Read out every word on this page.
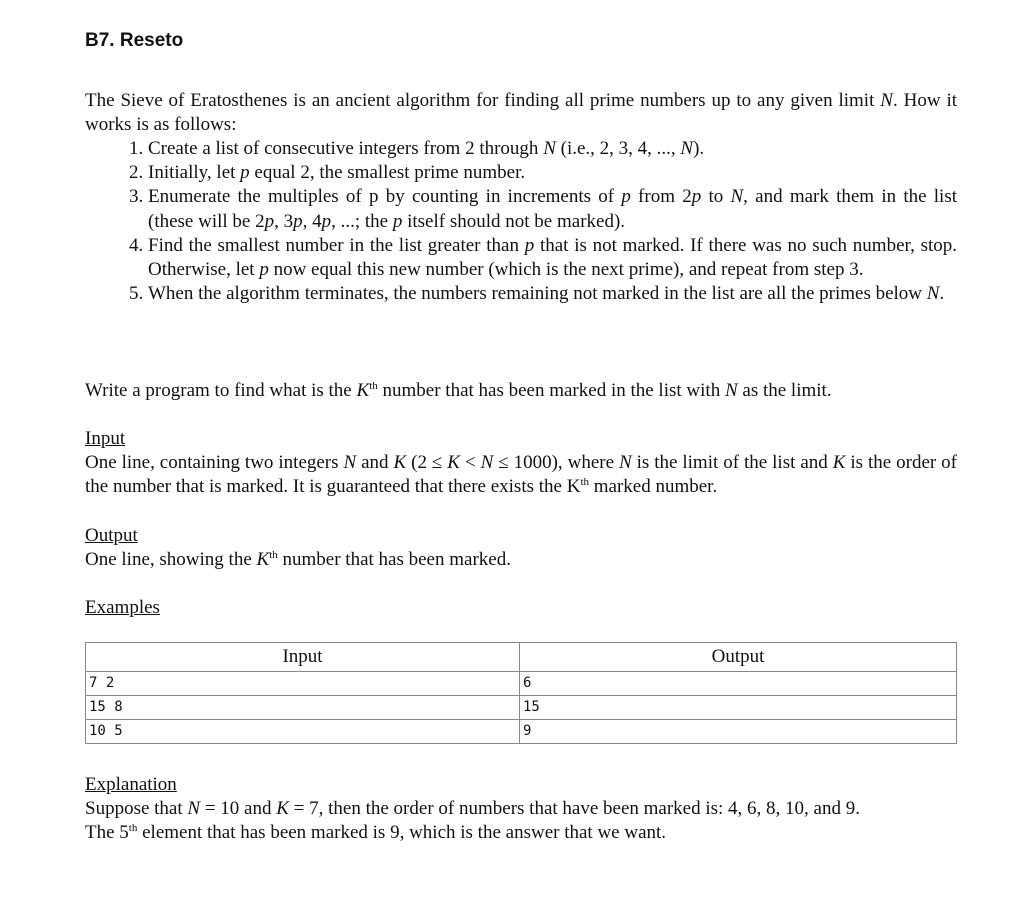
B7. Reseto

The Sieve of Eratosthenes is an ancient algorithm for finding all prime numbers up to any given limit N. How it works is as follows:

1. Create a list of consecutive integers from 2 through N (i.e., 2, 3, 4, ..., N).
2. Initially, let p equal 2, the smallest prime number.
3. Enumerate the multiples of p by counting in increments of p from 2p to N, and mark them in the list (these will be 2p, 3p, 4p, ...; the p itself should not be marked).
4. Find the smallest number in the list greater than p that is not marked. If there was no such number, stop. Otherwise, let p now equal this new number (which is the next prime), and repeat from step 3.
5. When the algorithm terminates, the numbers remaining not marked in the list are all the primes below N.

Write a program to find what is the $K^{th}$ number that has been marked in the list with N as the limit.

Input

One line, containing two integers N and K (2 ≤ K < N ≤ 1000), where N is the limit of the list and K is the order of the number that is marked. It is guaranteed that there exists the $K^{th}$ marked number.

Output

One line, showing the $K^{th}$ number that has been marked.

Examples
Input	Output
7 2	6
15 8	15
10 5	9
Explanation

Suppose that N = 10 and K = 7, then the order of numbers that have been marked is: 4, 6, 8, 10, and 9.

The 5th element that has been marked is 9, which is the answer that we want.
